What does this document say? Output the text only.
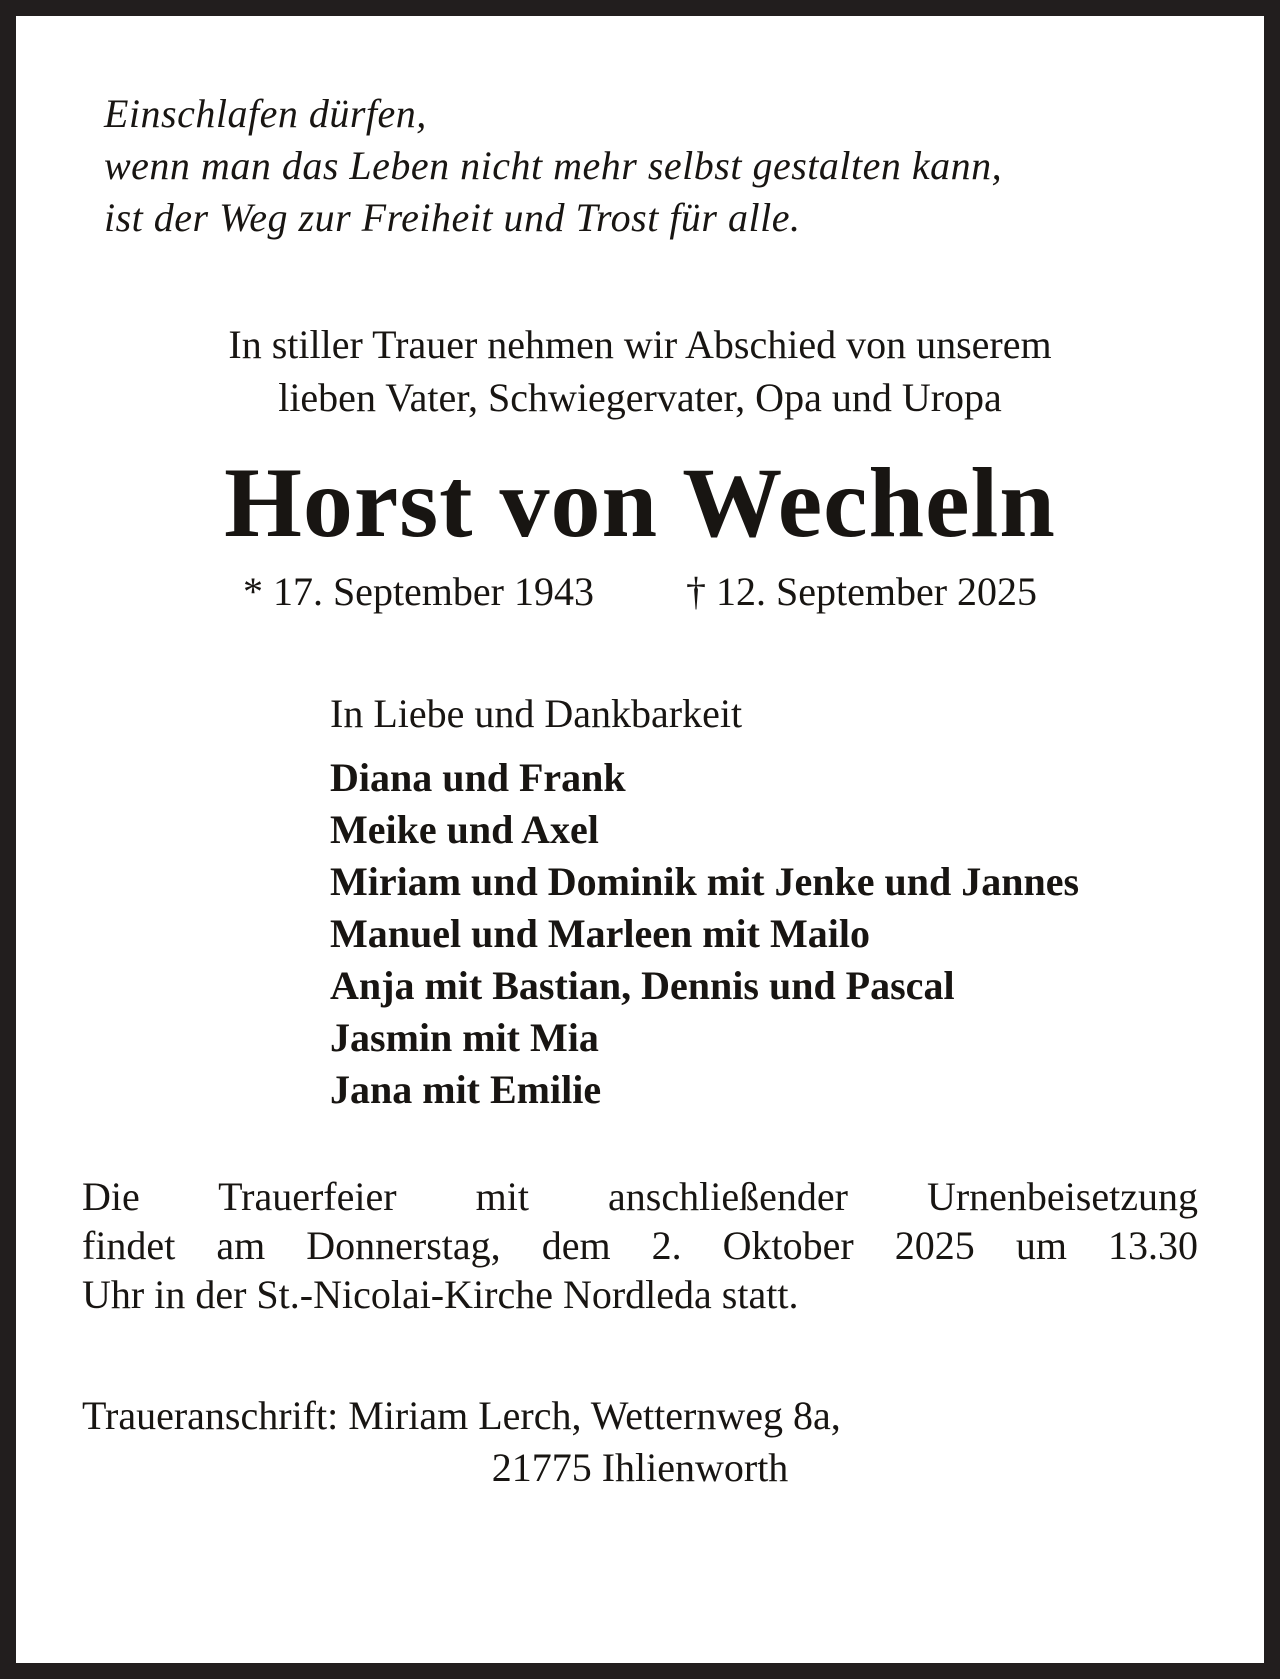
Einschlafen dürfen,
wenn man das Leben nicht mehr selbst gestalten kann,
ist der Weg zur Freiheit und Trost für alle.
In stiller Trauer nehmen wir Abschied von unserem
lieben Vater, Schwiegervater, Opa und Uropa
Horst von Wecheln
* 17. September 1943 † 12. September 2025
In Liebe und Dankbarkeit
Diana und Frank
Meike und Axel
Miriam und Dominik mit Jenke und Jannes
Manuel und Marleen mit Mailo
Anja mit Bastian, Dennis und Pascal
Jasmin mit Mia
Jana mit Emilie
Die Trauerfeier mit anschließender Urnenbeisetzung
findet am Donnerstag, dem 2. Oktober 2025 um 13.30
Uhr in der St.-Nicolai-Kirche Nordleda statt.
Traueranschrift: Miriam Lerch, Wetternweg 8a,
21775 Ihlienworth
